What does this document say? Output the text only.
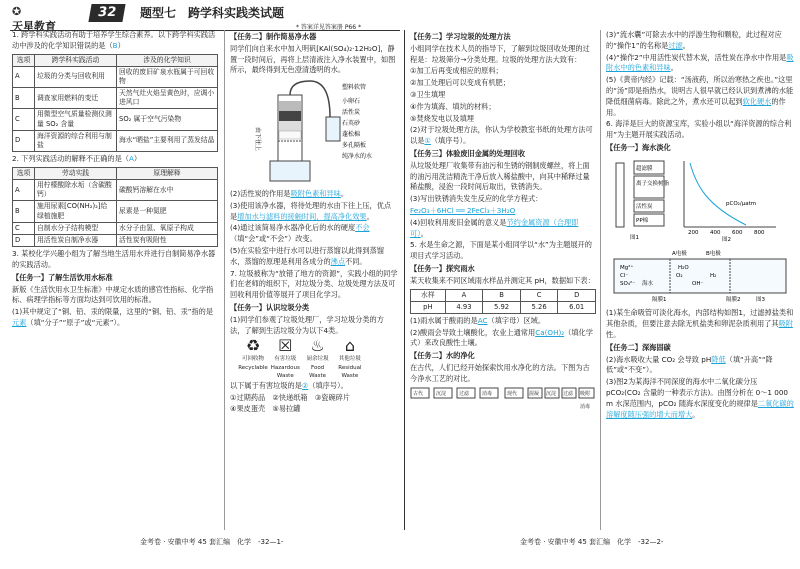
✪
天星教育
32	题型七　跨学科实践类试题
* 答案详见答案册 P66 *

1. 跨学科实践活动有助于培养学生综合素养。以下跨学科实践活动中涉及的化学知识错误的是（B）

选项	跨学科实践活动	涉及的化学知识
A	垃圾的分类与回收利用	回收的废旧矿泉水瓶属于可回收物
B	调查家用燃料的变迁	天然气灶火焰呈黄色时，应调小进风口
C	用微型空气质量检测仪测量 SO₂ 含量	SO₂ 属于空气污染物
D	海洋资源的综合利用与制盐	海水“晒盐”主要利用了蒸发结晶

2. 下列实践活动的解释不正确的是（A）

选项	劳动实践	原理解释
A	用柠檬酸除水垢（含碳酸钙）	碳酸钙溶解在水中
B	施用尿素[CO(NH₂)₂]给绿植施肥	尿素是一种氮肥
C	自制水分子结构模型	水分子由氢、氧原子构成
D	用活性炭自制净水器	活性炭有吸附性

3. 某校化学兴趣小组为了解当地生活用水并进行自制简易净水器的实践活动。

【任务一】了解生活饮用水标准

新版《生活饮用水卫生标准》中规定水质的感官性指标、化学指标、病理学指标等方面均达到可饮用的标准。

(1)其中规定了“铜、铅、汞的限量，这里的“铜、铅、汞”指的是元素（填“分子”“原子”或“元素”）。

【任务二】制作简易净水器

同学们向自来水中加入明矾[KAl(SO₄)₂·12H₂O]，静置一段时间后，再将上层清液注入净水装置中，如图所示，最终得到无色澄清透明的水。

由下往上
塑料软管
小卵石
活性炭
石英砂
蓬松棉
多孔隔板
纯净水的水

(2)活性炭的作用是吸附色素和异味。

(3)使用该净水器，将待处理的水由下往上压，优点是增加水与滤料的接触时间，提高净化效果。

(4)通过该简易净水器净化后的水的硬度不会（填“会”或“不会”）改变。

(5)在实验室中进行水可以进行蒸馏以此得到蒸馏水，蒸馏的原理是利用各成分的沸点不同。

7. 垃圾被称为“放错了地方的资源”，实践小组的同学们在老师的组织下，对垃圾分类、垃圾处理方法及可回收利用价值等展开了项目化学习。

【任务一】认识垃圾分类

(1)同学们参观了垃圾处理厂，学习垃圾分类的方法，了解到生活垃圾分为以下4类。

♻
可回收物 Recyclable
☒
有害垃圾 Hazardous Waste
♨
厨余垃圾 Food Waste
⌂
其他垃圾 Residual Waste

以下属于有害垃圾的是②（填序号）。

①过期药品　 ②快递纸箱　 ③瓷碗碎片
④果皮蛋壳　 ⑤易拉罐

【任务二】学习垃圾的处理方法

小组同学在技术人员的指导下，了解到垃圾回收处理的过程是：垃圾筛分→分类处理。垃圾的处理方法大致有：

①加工后再变成相应的原料；

②加工处理后可以变成有机肥；

③卫生填埋

④作为填海、填坑的材料；

⑤焚烧发电以及填埋

(2)对于垃圾处理方法，你认为学校教室书纸的处理方法可以是①（填序号）。

【任务三】体验废旧金属的处理回收

从垃圾处理厂收集带有油污和生锈的钢制废螺丝，将上面的油污用洗洁精洗干净后放入稀盐酸中，向其中稀释过量稀盐酸，浸泡一段时间后取出，铁锈消失。

(3)写出铁锈消失发生反应的化学方程式：

Fe₂O₃＋6HCl ══ 2FeCl₃＋3H₂O

(4)回收利用废旧金属的意义是节约金属资源（合理即可）。

5. 水是生命之源，下面是某小组同学以“水”为主题展开的项目式学习活动。

【任务一】探究雨水

某天收集来不同区域雨水样品并测定其 pH，数据如下表：

水样	A	B	C	D
pH	4.93	5.92	5.26	6.01

(1)雨水属于酸雨的是AC（填字母）区域。

(2)酸雨会导致土壤酸化，农业上通常用Ca(OH)₂（填化学式）来改良酸性土壤。

【任务二】水的净化

在古代，人们已经开始探索饮用水净化的方法。下图为古今净水工艺的对比。

古代	沉淀	过滤	消毒	现代 混凝 沉淀 过滤 吸附
消毒

(3)“流水囊”可除去水中的浮游生物和颗粒，此过程对应的“操作1”的名称是过滤。

(4)“操作2”中用活性炭代替木炭，活性炭在净水中作用是吸附水中的色素和异味。

(5)《黄帝内经》记载：“汤液药，所以治寒热之疾也。”这里的“汤”即是指热水，说明古人很早就已经认识到煮沸的水能降低细菌病毒。除此之外，煮水还可以起到软化硬水的作用。

6. 海洋是巨大的资源宝库，实验小组以“海洋资源的综合利用”为主题开展实践活动。

【任务一】海水淡化

超滤膜
离子交换树脂
活性炭
PP棉
图1
pCO₂/μatm
200 400 600 800
图2

A电极	B电极
Mg²⁺
Cl⁻
SO₄²⁻ 海水
隔膜1	隔膜2
OH⁻
H₂O
O₂	H₂
图3

(1)某生命吸管可淡化海水，内部结构如图1，过滤掉盐类和其他杂质，但要注意去除无机盐类和卵泥杂质利用了其吸附性。

【任务二】深海固碳

(2)海水吸收大量 CO₂ 会导致 pH降低（填“升高”“降低”或“不变”）。

(3)图2为某海洋不同深度的海水中二氧化碳分压 pCO₂(CO₂ 含量的一种表示方法)。由图分析在 0～1 000 m 水深范围内，pCO₂ 随海水深度变化的规律是二氧化碳的溶解度随压强的增大而增大。

金考卷 · 安徽中考 45 套汇编　化学　-32—1-	金考卷 · 安徽中考 45 套汇编　化学　-32—2-
